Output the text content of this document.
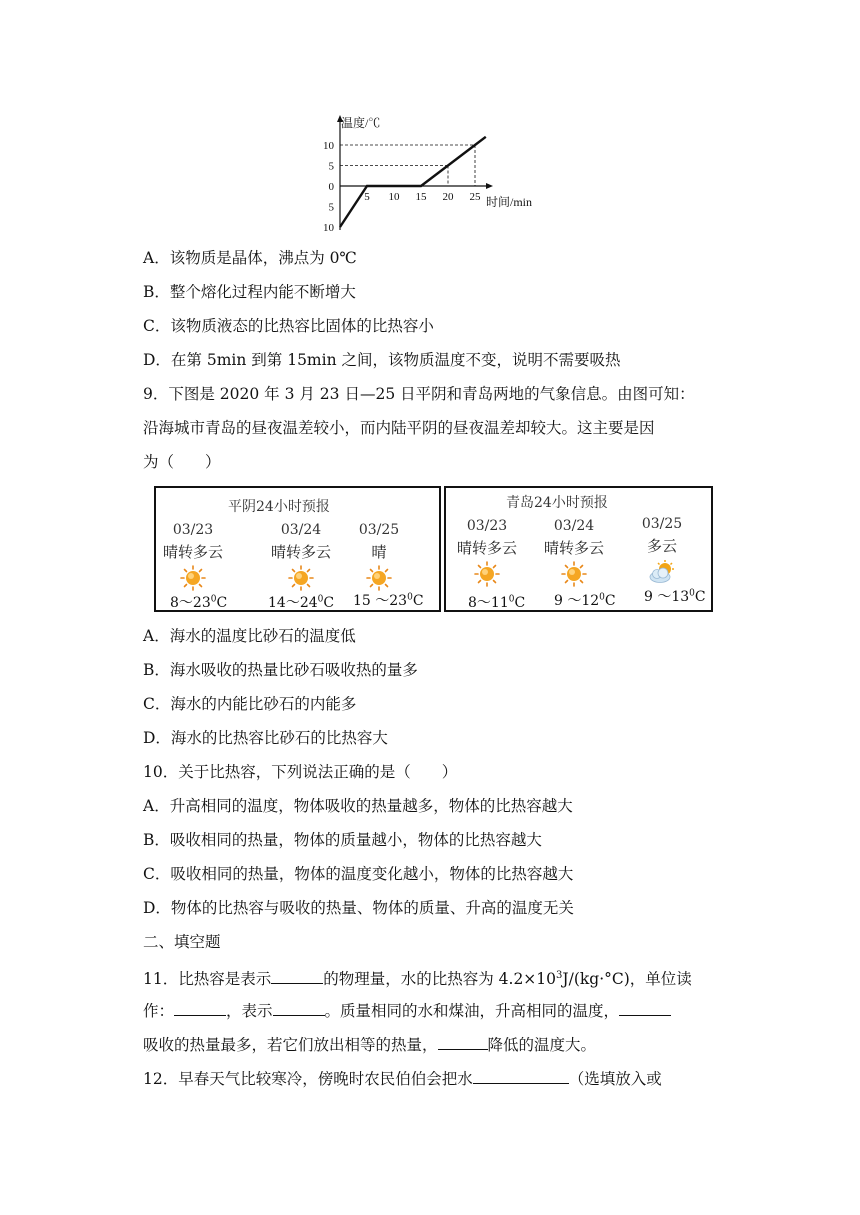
温度/℃
时间/min
10
5
0
5
10
5 10 15 20 25
A．该物质是晶体，沸点为 0℃
B．整个熔化过程内能不断增大
C．该物质液态的比热容比固体的比热容小
D．在第 5min 到第 15min 之间，该物质温度不变，说明不需要吸热
9．下图是 2020 年 3 月 23 日—25 日平阴和青岛两地的气象信息。由图可知：
沿海城市青岛的昼夜温差较小，而内陆平阴的昼夜温差却较大。这主要是因
为（　　）
平阴24小时预报
03/23
晴转多云
$8\sim 23^0C$
03/24
晴转多云
$14\sim 24^0C$
03/25
晴
15 $\sim 23^0C$
青岛24小时预报
03/23
晴转多云
$8\sim 11^0C$
03/24
晴转多云
9 $\sim 12^0C$
03/25
多云
9 $\sim 13^0C$
A．海水的温度比砂石的温度低
B．海水吸收的热量比砂石吸收热的量多
C．海水的内能比砂石的内能多
D．海水的比热容比砂石的比热容大
10．关于比热容，下列说法正确的是（　　）
A．升高相同的温度，物体吸收的热量越多，物体的比热容越大
B．吸收相同的热量，物体的质量越小，物体的比热容越大
C．吸收相同的热量，物体的温度变化越小，物体的比热容越大
D．物体的比热容与吸收的热量、物体的质量、升高的温度无关
二、填空题
11．比热容是表示	的物理量，水的比热容为 $4.2\times 10^3J/(kg\cdot^\circ C)$，单位读
作：	，表示	。质量相同的水和煤油，升高相同的温度，
吸收的热量最多，若它们放出相等的热量，	降低的温度大。
12．早春天气比较寒冷，傍晚时农民伯伯会把水	（选填放入或
